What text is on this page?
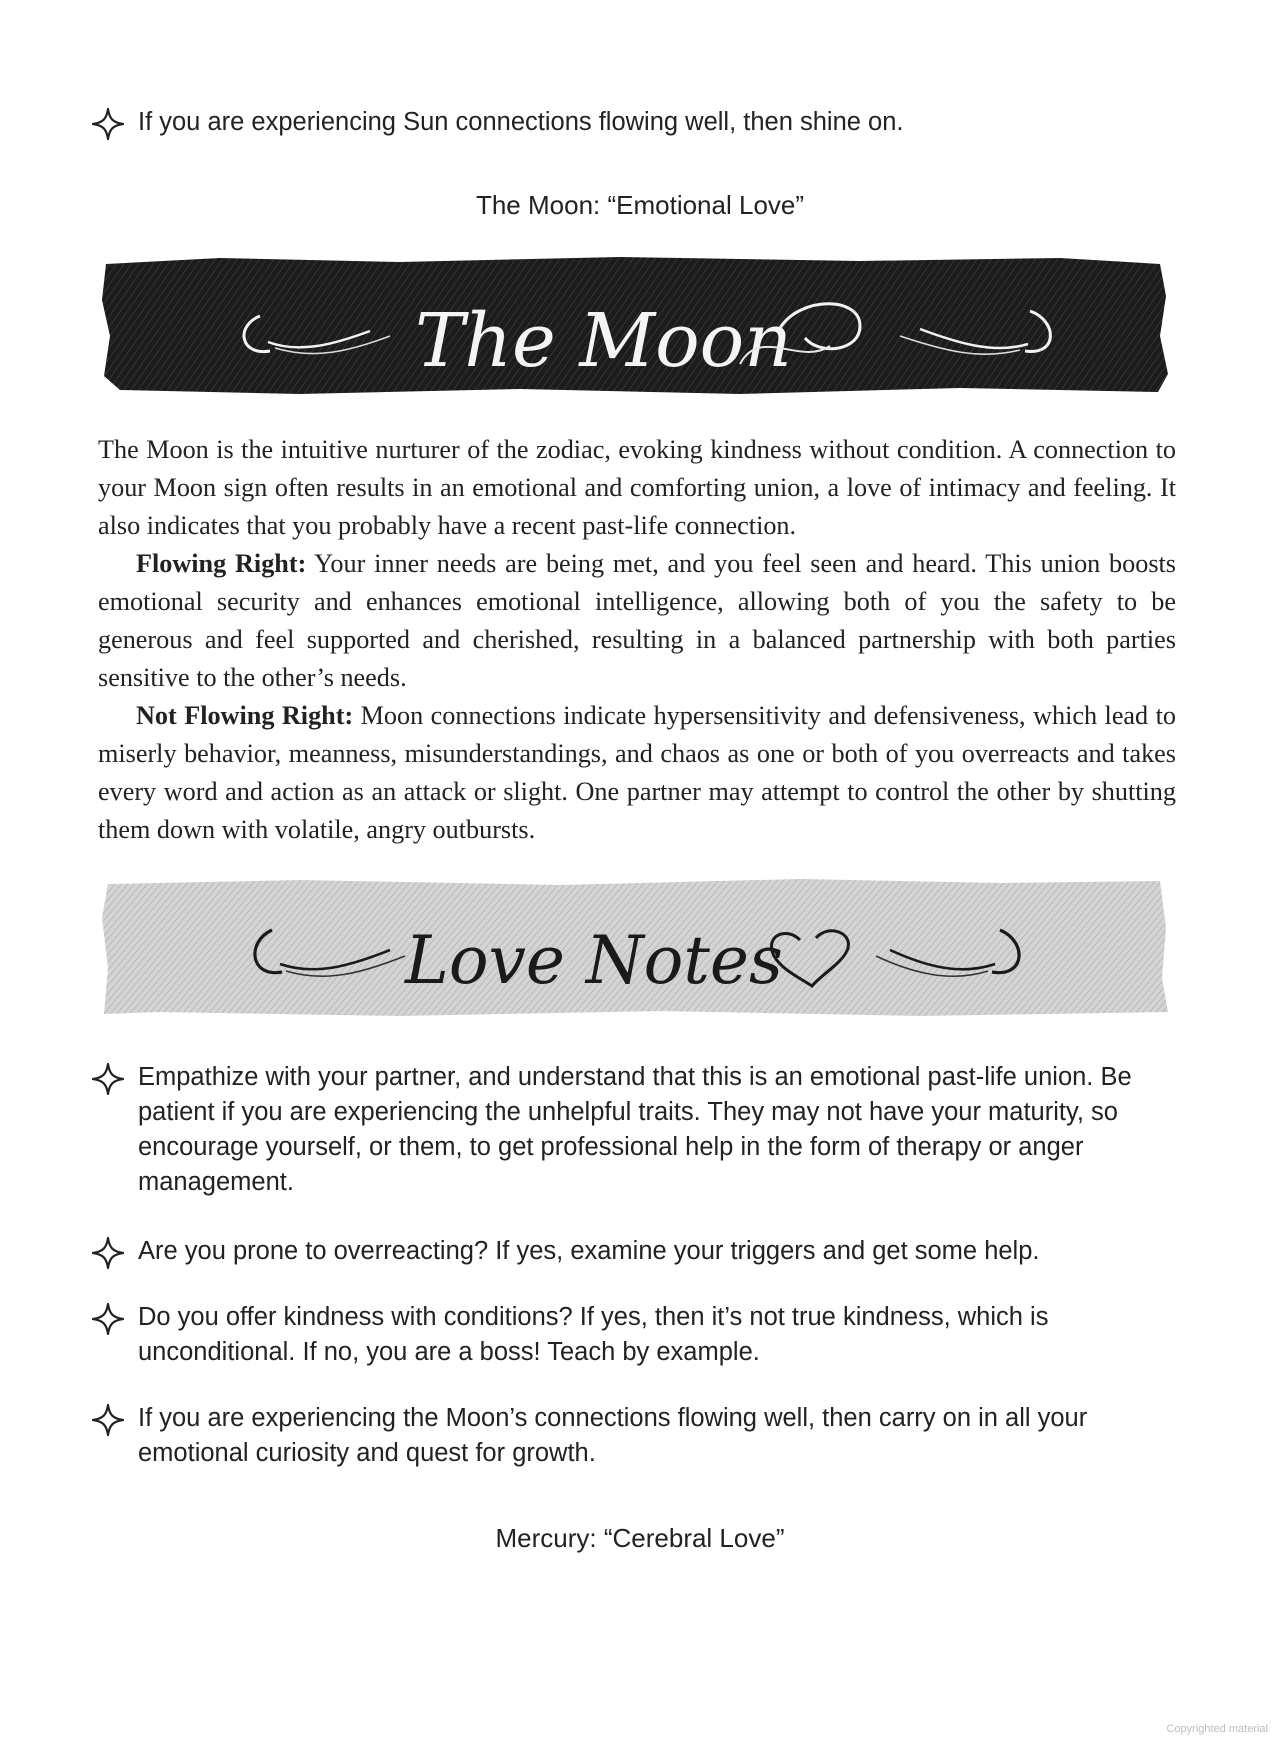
If you are experiencing Sun connections flowing well, then shine on.
The Moon: “Emotional Love”
The Moon

The Moon is the intuitive nurturer of the zodiac, evoking kindness without condition. A connection to your Moon sign often results in an emotional and comforting union, a love of intimacy and feeling. It also indicates that you probably have a recent past-life connection.

Flowing Right: Your inner needs are being met, and you feel seen and heard. This union boosts emotional security and enhances emotional intelligence, allowing both of you the safety to be generous and feel supported and cherished, resulting in a balanced partnership with both parties sensitive to the other’s needs.

Not Flowing Right: Moon connections indicate hypersensitivity and defensiveness, which lead to miserly behavior, meanness, misunderstandings, and chaos as one or both of you overreacts and takes every word and action as an attack or slight. One partner may attempt to control the other by shutting them down with volatile, angry outbursts.

Love Notes
Empathize with your partner, and understand that this is an emotional past-life union. Be patient if you are experiencing the unhelpful traits. They may not have your maturity, so encourage yourself, or them, to get professional help in the form of therapy or anger management.
Are you prone to overreacting? If yes, examine your triggers and get some help.
Do you offer kindness with conditions? If yes, then it’s not true kindness, which is unconditional. If no, you are a boss! Teach by example.
If you are experiencing the Moon’s connections flowing well, then carry on in all your emotional curiosity and quest for growth.
Mercury: “Cerebral Love”
Copyrighted material
